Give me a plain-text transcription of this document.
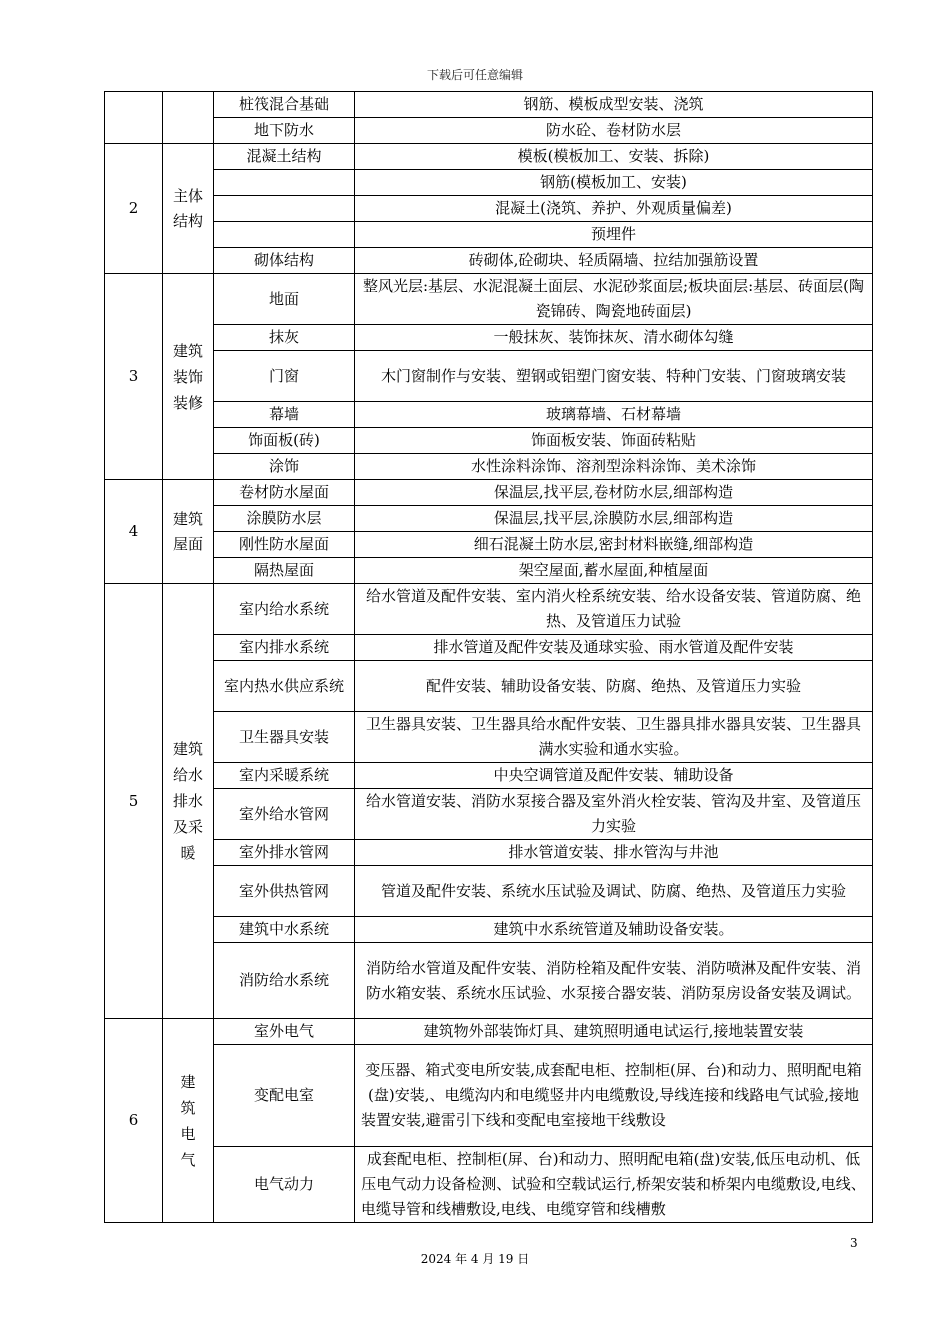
下载后可任意编辑
		桩筏混合基础	钢筋、模板成型安装、浇筑
		地下防水	防水砼、卷材防水层
2	主体结构	混凝土结构	模板(模板加工、安装、拆除)
			钢筋(模板加工、安装)
			混凝土(浇筑、养护、外观质量偏差)
			预埋件
		砌体结构	砖砌体,砼砌块、轻质隔墙、拉结加强筋设置
3	建筑装饰装修	地面	整风光层:基层、水泥混凝土面层、水泥砂浆面层;板块面层:基层、砖面层(陶瓷锦砖、陶瓷地砖面层)
		抹灰	一般抹灰、装饰抹灰、清水砌体勾缝
		门窗	木门窗制作与安装、塑钢或铝塑门窗安装、特种门安装、门窗玻璃安装
		幕墙	玻璃幕墙、石材幕墙
		饰面板(砖)	饰面板安装、饰面砖粘贴
		涂饰	水性涂料涂饰、溶剂型涂料涂饰、美术涂饰
4	建筑屋面	卷材防水屋面	保温层,找平层,卷材防水层,细部构造
		涂膜防水层	保温层,找平层,涂膜防水层,细部构造
		刚性防水屋面	细石混凝土防水层,密封材料嵌缝,细部构造
		隔热屋面	架空屋面,蓄水屋面,种植屋面
5	建筑给水排水及采暖	室内给水系统	给水管道及配件安装、室内消火栓系统安装、给水设备安装、管道防腐、绝热、及管道压力试验
		室内排水系统	排水管道及配件安装及通球实验、雨水管道及配件安装
		室内热水供应系统	配件安装、辅助设备安装、防腐、绝热、及管道压力实验
		卫生器具安装	卫生器具安装、卫生器具给水配件安装、卫生器具排水器具安装、卫生器具满水实验和通水实验。
		室内采暖系统	中央空调管道及配件安装、辅助设备
		室外给水管网	给水管道安装、消防水泵接合器及室外消火栓安装、管沟及井室、及管道压力实验
		室外排水管网	排水管道安装、排水管沟与井池
		室外供热管网	管道及配件安装、系统水压试验及调试、防腐、绝热、及管道压力实验
		建筑中水系统	建筑中水系统管道及辅助设备安装。
		消防给水系统	消防给水管道及配件安装、消防栓箱及配件安装、消防喷淋及配件安装、消防水箱安装、系统水压试验、水泵接合器安装、消防泵房设备安装及调试。
6	建筑电气	室外电气	建筑物外部装饰灯具、建筑照明通电试运行,接地装置安装
		变配电室	变压器、箱式变电所安装,成套配电柜、控制柜(屏、台)和动力、照明配电箱(盘)安装,、电缆沟内和电缆竖井内电缆敷设,导线连接和线路电气试验,接地装置安装,避雷引下线和变配电室接地干线敷设
		电气动力	成套配电柜、控制柜(屏、台)和动力、照明配电箱(盘)安装,低压电动机、低压电气动力设备检测、试验和空载试运行,桥架安装和桥架内电缆敷设,电线、电缆导管和线槽敷设,电线、电缆穿管和线槽敷
3
2024 年 4 月 19 日
